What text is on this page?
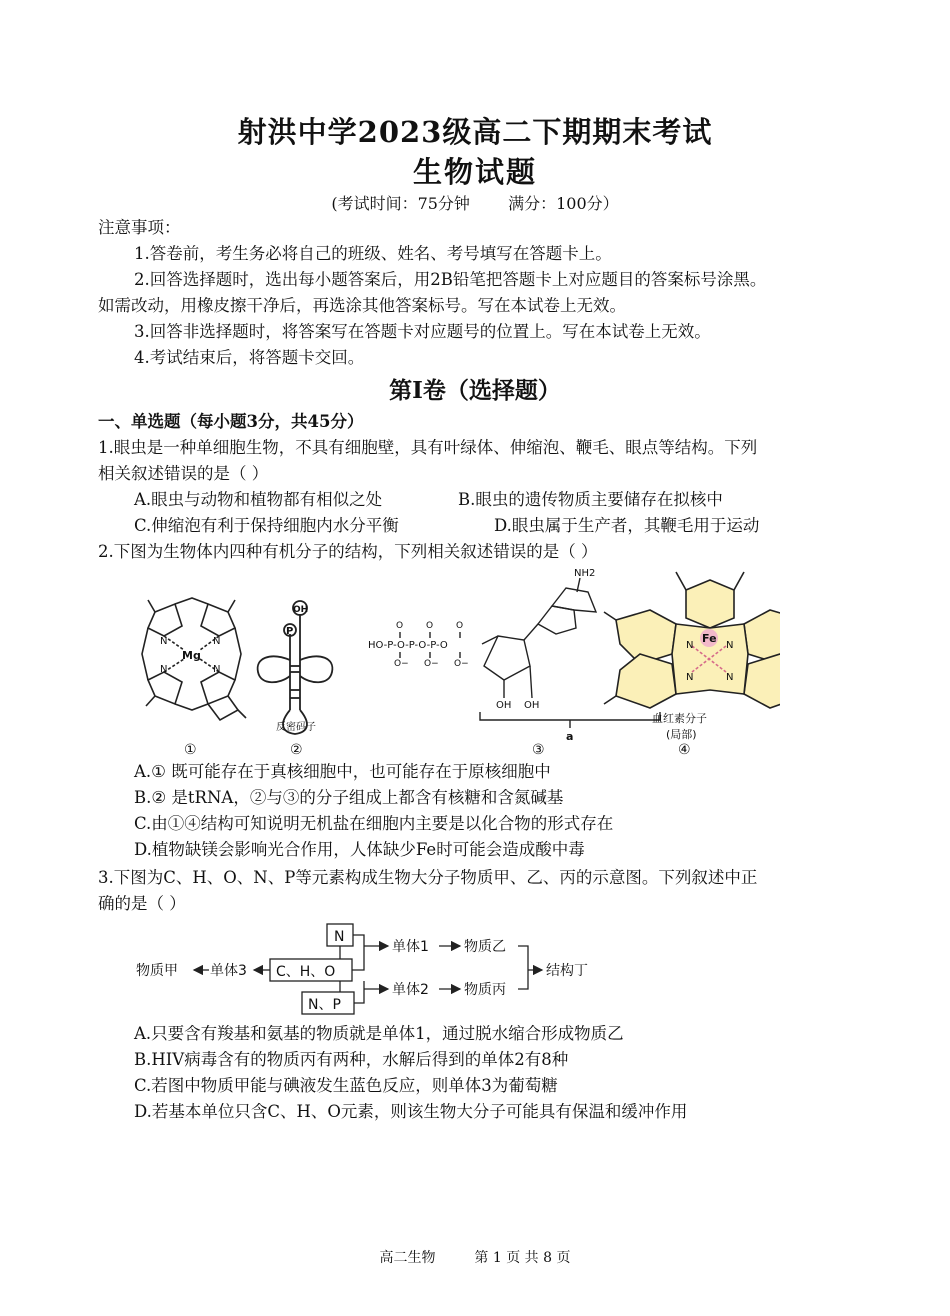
射洪中学2023级高二下期期末考试
生物试题
(考试时间：75分钟 满分：100分）
注意事项：
1.答卷前，考生务必将自己的班级、姓名、考号填写在答题卡上。
2.回答选择题时，选出每小题答案后，用2B铅笔把答题卡上对应题目的答案标号涂黑。
如需改动，用橡皮擦干净后，再选涂其他答案标号。写在本试卷上无效。
3.回答非选择题时，将答案写在答题卡对应题号的位置上。写在本试卷上无效。
4.考试结束后，将答题卡交回。
第I卷（选择题）
一、单选题（每小题3分，共45分）
1.眼虫是一种单细胞生物，不具有细胞壁，具有叶绿体、伸缩泡、鞭毛、眼点等结构。下列
相关叙述错误的是（ ）
A.眼虫与动物和植物都有相似之处	B.眼虫的遗传物质主要储存在拟核中
C.伸缩泡有利于保持细胞内水分平衡	D.眼虫属于生产者，其鞭毛用于运动
2.下图为生物体内四种有机分子的结构，下列相关叙述错误的是（ ）
Mg
N	N
N	N
①
OH
P
反密码子
②
HO-P-O-P-O-P-O
O	O	O
O− O− O−
OH OH
NH2
a
③
Fe
N	N
N	N
血红素分子
(局部)
④
A.① 既可能存在于真核细胞中，也可能存在于原核细胞中
B.② 是tRNA，②与③的分子组成上都含有核糖和含氮碱基
C.由①④结构可知说明无机盐在细胞内主要是以化合物的形式存在
D.植物缺镁会影响光合作用，人体缺少Fe时可能会造成酸中毒
3.下图为C、H、O、N、P等元素构成生物大分子物质甲、乙、丙的示意图。下列叙述中正
确的是（ ）
N
C、H、O
N、P
单体1
单体2
单体3
物质乙
物质丙
物质甲	结构丁
A.只要含有羧基和氨基的物质就是单体1，通过脱水缩合形成物质乙
B.HIV病毒含有的物质丙有两种，水解后得到的单体2有8种
C.若图中物质甲能与碘液发生蓝色反应，则单体3为葡萄糖
D.若基本单位只含C、H、O元素，则该生物大分子可能具有保温和缓冲作用
高二生物	第 1 页 共 8 页
